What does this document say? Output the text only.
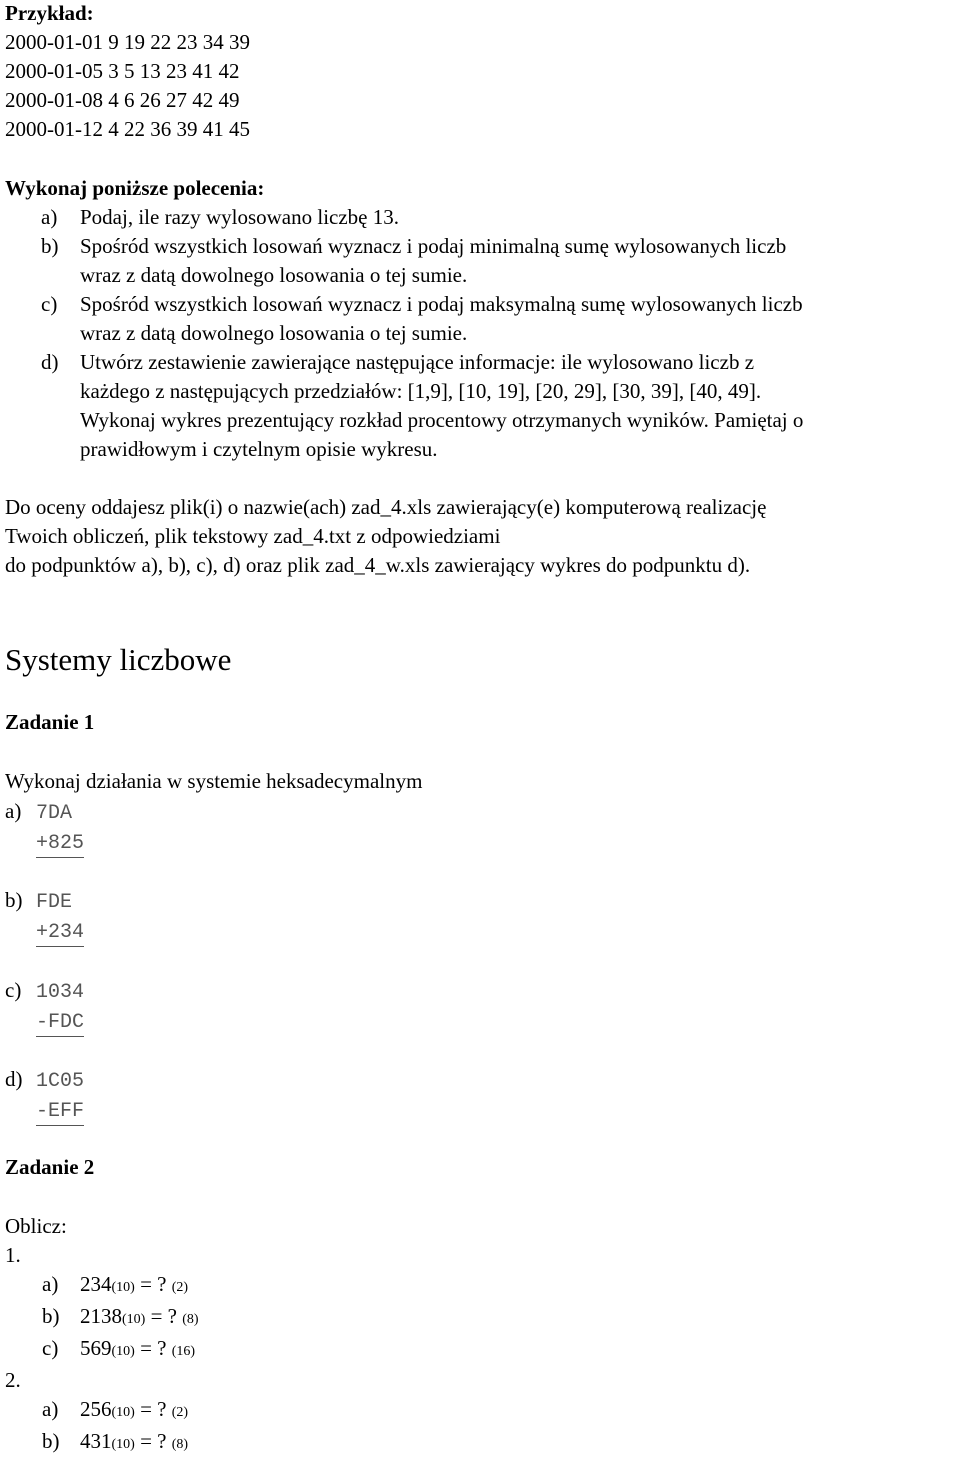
Przykład:
2000-01-01 9 19 22 23 34 39
2000-01-05 3 5 13 23 41 42
2000-01-08 4 6 26 27 42 49
2000-01-12 4 22 36 39 41 45
Wykonaj poniższe polecenia:
a) Podaj, ile razy wylosowano liczbę 13.
b) Spośród wszystkich losowań wyznacz i podaj minimalną sumę wylosowanych liczb
wraz z datą dowolnego losowania o tej sumie.
c) Spośród wszystkich losowań wyznacz i podaj maksymalną sumę wylosowanych liczb
wraz z datą dowolnego losowania o tej sumie.
d) Utwórz zestawienie zawierające następujące informacje: ile wylosowano liczb z
każdego z następujących przedziałów: [1,9], [10, 19], [20, 29], [30, 39], [40, 49].
Wykonaj wykres prezentujący rozkład procentowy otrzymanych wyników. Pamiętaj o
prawidłowym i czytelnym opisie wykresu.
Do oceny oddajesz plik(i) o nazwie(ach) zad_4.xls zawierający(e) komputerową realizację
Twoich obliczeń, plik tekstowy zad_4.txt z odpowiedziami
do podpunktów a), b), c), d) oraz plik zad_4_w.xls zawierający wykres do podpunktu d).
Systemy liczbowe
Zadanie 1
Wykonaj działania w systemie heksadecymalnym
a) 7DA
+825
b) FDE
+234
c) 1034
-FDC
d) 1C05
-EFF
Zadanie 2
Oblicz:
1.
a) 234(10) = ? (2)
b) 2138(10) = ? (8)
c) 569(10) = ? (16)
2.
a) 256(10) = ? (2)
b) 431(10) = ? (8)
